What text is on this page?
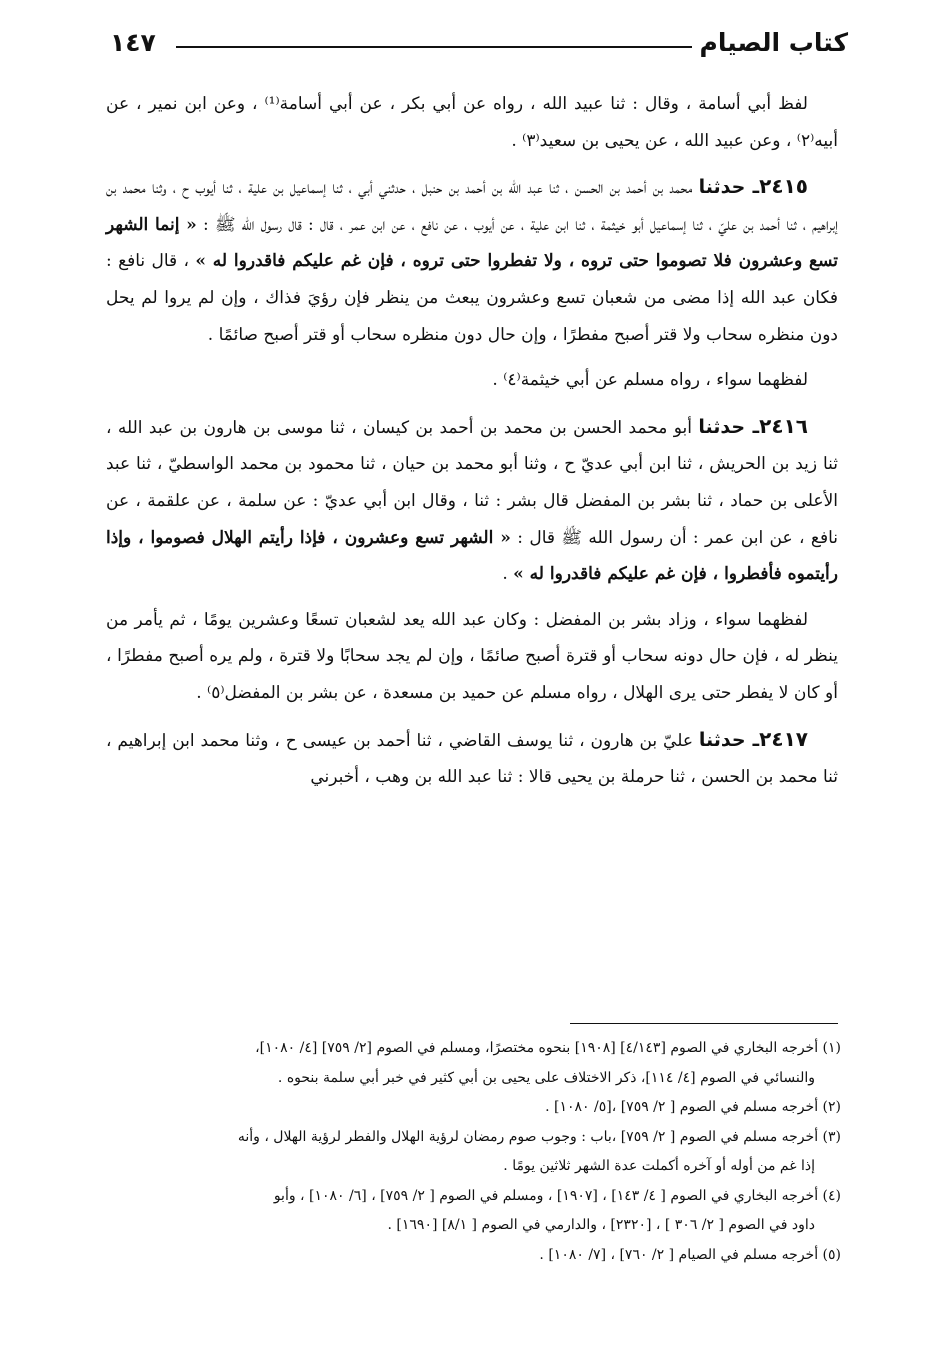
كتاب الصيام
١٤٧

لفظ أبي أسامة ، وقال : ثنا عبيد الله ، رواه عن أبي بكر ، عن أبي أسامة⁽¹⁾ ، وعن ابن نمير ، عن أبيه⁽٢⁾ ، وعن عبيد الله ، عن يحيى بن سعيد⁽٣⁾ .

٢٤١٥ـ حدثنا محمد بن أحمد بن الحسن ، ثنا عبد الله بن أحمد بن حنبل ، حدثني أبي ، ثنا إسماعيل بن علية ، ثنا أيوب ح ، وثنا محمد بن إبراهيم ، ثنا أحمد بن عليّ ، ثنا إسماعيل أبو خيثمة ، ثنا ابن علية ، عن أيوب ، عن نافع ، عن ابن عمر ، قال : قال رسول الله ﷺ : « إنما الشهر تسع وعشرون فلا تصوموا حتى تروه ، ولا تفطروا حتى تروه ، فإن غم عليكم فاقدروا له » ، قال نافع : فكان عبد الله إذا مضى من شعبان تسع وعشرون يبعث من ينظر فإن رؤيَ فذاك ، وإن لم يروا لم يحل دون منظره سحاب ولا قتر أصبح مفطرًا ، وإن حال دون منظره سحاب أو قتر أصبح صائمًا .

لفظهما سواء ، رواه مسلم عن أبي خيثمة⁽٤⁾ .

٢٤١٦ـ حدثنا أبو محمد الحسن بن محمد بن أحمد بن كيسان ، ثنا موسى بن هارون بن عبد الله ، ثنا زيد بن الحريش ، ثنا ابن أبي عديّ ح ، وثنا أبو محمد بن حيان ، ثنا محمود بن محمد الواسطيّ ، ثنا عبد الأعلى بن حماد ، ثنا بشر بن المفضل قال بشر : ثنا ، وقال ابن أبي عديّ : عن سلمة ، عن علقمة ، عن نافع ، عن ابن عمر : أن رسول الله ﷺ قال : « الشهر تسع وعشرون ، فإذا رأيتم الهلال فصوموا ، وإذا رأيتموه فأفطروا ، فإن غم عليكم فاقدروا له » .

لفظهما سواء ، وزاد بشر بن المفضل : وكان عبد الله يعد لشعبان تسعًا وعشرين يومًا ، ثم يأمر من ينظر له ، فإن حال دونه سحاب أو قترة أصبح صائمًا ، وإن لم يجد سحابًا ولا قترة ، ولم يره أصبح مفطرًا ، أو كان لا يفطر حتى يرى الهلال ، رواه مسلم عن حميد بن مسعدة ، عن بشر بن المفضل⁽٥⁾ .

٢٤١٧ـ حدثنا عليّ بن هارون ، ثنا يوسف القاضي ، ثنا أحمد بن عيسى ح ، وثنا محمد ابن إبراهيم ، ثنا محمد بن الحسن ، ثنا حرملة بن يحيى قالا : ثنا عبد الله بن وهب ، أخبرني

(١) أخرجه البخاري في الصوم [٤/١٤٣] [١٩٠٨] بنحوه مختصرًا، ومسلم في الصوم [٢/ ٧٥٩] [٤/ ١٠٨٠]،

والنسائي في الصوم [٤/ ١١٤]، ذكر الاختلاف على يحيى بن أبي كثير في خبر أبي سلمة بنحوه .

(٢) أخرجه مسلم في الصوم [ ٢/ ٧٥٩] ،[٥/ ١٠٨٠] .

(٣) أخرجه مسلم في الصوم [ ٢/ ٧٥٩] ،باب : وجوب صوم رمضان لرؤية الهلال والفطر لرؤية الهلال ، وأنه

إذا غم من أوله أو آخره أكملت عدة الشهر ثلاثين يومًا .

(٤) أخرجه البخاري في الصوم [ ٤/ ١٤٣] ، [١٩٠٧] ، ومسلم في الصوم [ ٢/ ٧٥٩] ، [٦/ ١٠٨٠] ، وأبو

داود في الصوم [ ٢/ ٣٠٦ ] ، [٢٣٢٠] ، والدارمي في الصوم [ ٨/١] [١٦٩٠] .

(٥) أخرجه مسلم في الصيام [ ٢/ ٧٦٠] ، [٧/ ١٠٨٠] .
